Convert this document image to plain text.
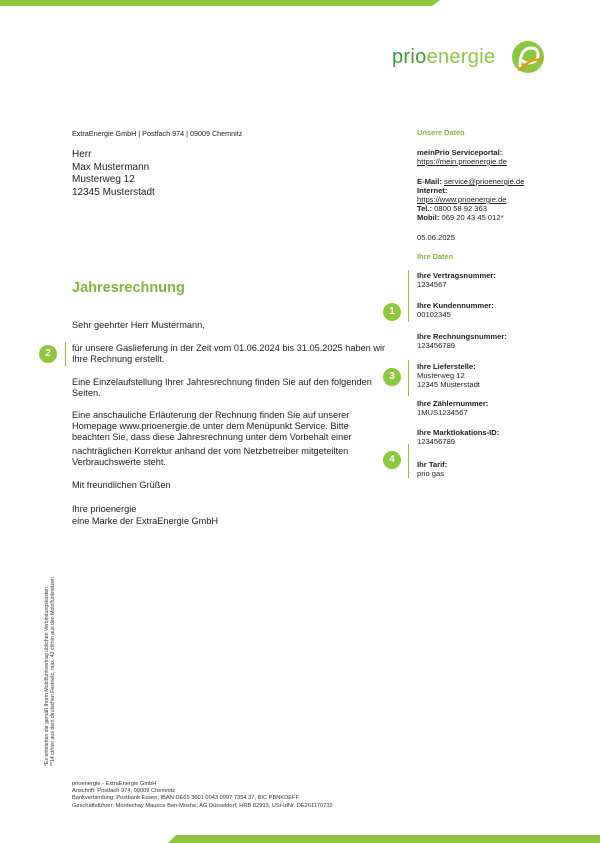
prioenergie
ExtraEnergie GmbH | Postfach 974 | 09009 Chemnitz
Herr
Max Mustermann
Musterweg 12
12345 Musterstadt
Jahresrechnung
Sehr geehrter Herr Mustermann,
für unsere Gaslieferung in der Zeit vom 01.06.2024 bis 31.05.2025 haben wir Ihre Rechnung erstellt.
Eine Einzelaufstellung Ihrer Jahresrechnung finden Sie auf den folgenden Seiten.
Eine anschauliche Erläuterung der Rechnung finden Sie auf unserer
Homepage www.prioenergie.de unter dem Menüpunkt Service. Bitte
beachten Sie, dass diese Jahresrechnung unter dem Vorbehalt einer
nachträglichen Korrektur anhand der vom Netzbetreiber mitgeteilten
Verbrauchswerte steht.
Mit freundlichen Grüßen
Ihre prioenergie
eine Marke der ExtraEnergie GmbH
1
2
3
4
Unsere Daten
meinPrio Serviceportal:
https://mein.prioenergie.de
E-Mail: service@prioenergie.de
Internet:
https://www.prioenergie.de
Tel.: 0800 58 92 363
Mobil: 069 20 43 45 012*
05.06.2025
Ihre Daten
Ihre Vertragsnummer:
1234567
Ihre Kundennummer:
00102345
Ihre Rechnungsnummer:
123456789
Ihre Lieferstelle:
Musterweg 12
12345 Musterstadt
Ihre Zählernummer:
1MUS1234567
Ihre Marktlokations-ID:
123456789
Ihr Tarif:
prio gas
*Es entstehen die gemäß Ihrem Mobilfunkvertrag üblichen Verbindungskosten. **14 ct/min aus dem deutschen Festnetz, max. 42 ct/min aus den Mobilfunknetzen.
prioenergie - ExtraEnergie GmbH
Anschrift: Postfach 974, 09009 Chemnitz
Bankverbindung: Postbank Essen, IBAN DE65 3601 0043 0997 7354 37, BIC PBNKDEFF
Geschäftsführer: Mordechay Maurice Ben-Moshe, AG Düsseldorf, HRB 82993, USt-IdNr. DE261170732
